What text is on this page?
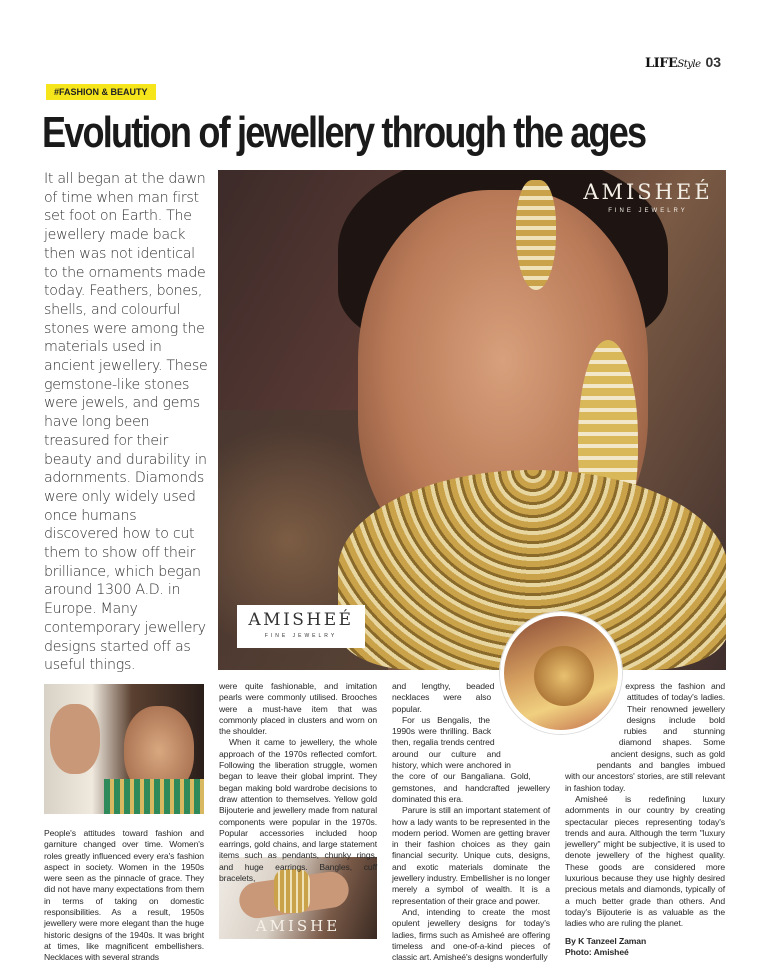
LIFEStyle 03
#FASHION & BEAUTY
Evolution of jewellery through the ages
It all began at the dawn of time when man first set foot on Earth. The jewellery made back then was not identical to the ornaments made today. Feathers, bones, shells, and colourful stones were among the materials used in ancient jewellery. These gemstone-like stones were jewels, and gems have long been treasured for their beauty and durability in adornments. Diamonds were only widely used once humans discovered how to cut them to show off their brilliance, which began around 1300 A.D. in Europe. Many contemporary jewellery designs started off as useful things.
AMISHEÉ
FINE JEWELRY
AMISHEÉ
FINE JEWELRY
AMISHE

People's attitudes toward fashion and garniture changed over time. Women's roles greatly influenced every era's fashion aspect in society. Women in the 1950s were seen as the pinnacle of grace. They did not have many expectations from them in terms of taking on domestic responsibilities. As a result, 1950s jewellery were more elegant than the huge historic designs of the 1940s. It was bright at times, like magnificent embellishers. Necklaces with several strands

were quite fashionable, and imitation pearls were commonly utilised. Brooches were a must-have item that was commonly placed in clusters and worn on the shoulder.

When it came to jewellery, the whole approach of the 1970s reflected comfort. Following the liberation struggle, women began to leave their global imprint. They began making bold wardrobe decisions to draw attention to themselves. Yellow gold Bijouterie and jewellery made from natural components were popular in the 1970s. Popular accessories included hoop earrings, gold chains, and large statement items such as pendants, chunky rings, and huge earrings. Bangles, cuff bracelets,

and lengthy, beaded necklaces were also popular.

For us Bengalis, the 1990s were thrilling. Back then, regalia trends centred around our culture and history, which were anchored in the core of our Bangaliana. Gold, gemstones, and handcrafted jewellery dominated this era.

Parure is still an important statement of how a lady wants to be represented in the modern period. Women are getting braver in their fashion choices as they gain financial security. Unique cuts, designs, and exotic materials dominate the jewellery industry. Embellisher is no longer merely a symbol of wealth. It is a representation of their grace and power.

And, intending to create the most opulent jewellery designs for today's ladies, firms such as Amisheé are offering timeless and one-of-a-kind pieces of classic art. Amisheé's designs wonderfully

express the fashion and attitudes of today's ladies. Their renowned jewellery designs include bold rubies and stunning diamond shapes. Some ancient designs, such as gold pendants and bangles imbued with our ancestors' stories, are still relevant in fashion today.

Amisheé is redefining luxury adornments in our country by creating spectacular pieces representing today's trends and aura. Although the term "luxury jewellery" might be subjective, it is used to denote jewellery of the highest quality. These goods are considered more luxurious because they use highly desired precious metals and diamonds, typically of a much better grade than others. And today's Bijouterie is as valuable as the ladies who are ruling the planet.

By K Tanzeel Zaman
Photo: Amisheé
